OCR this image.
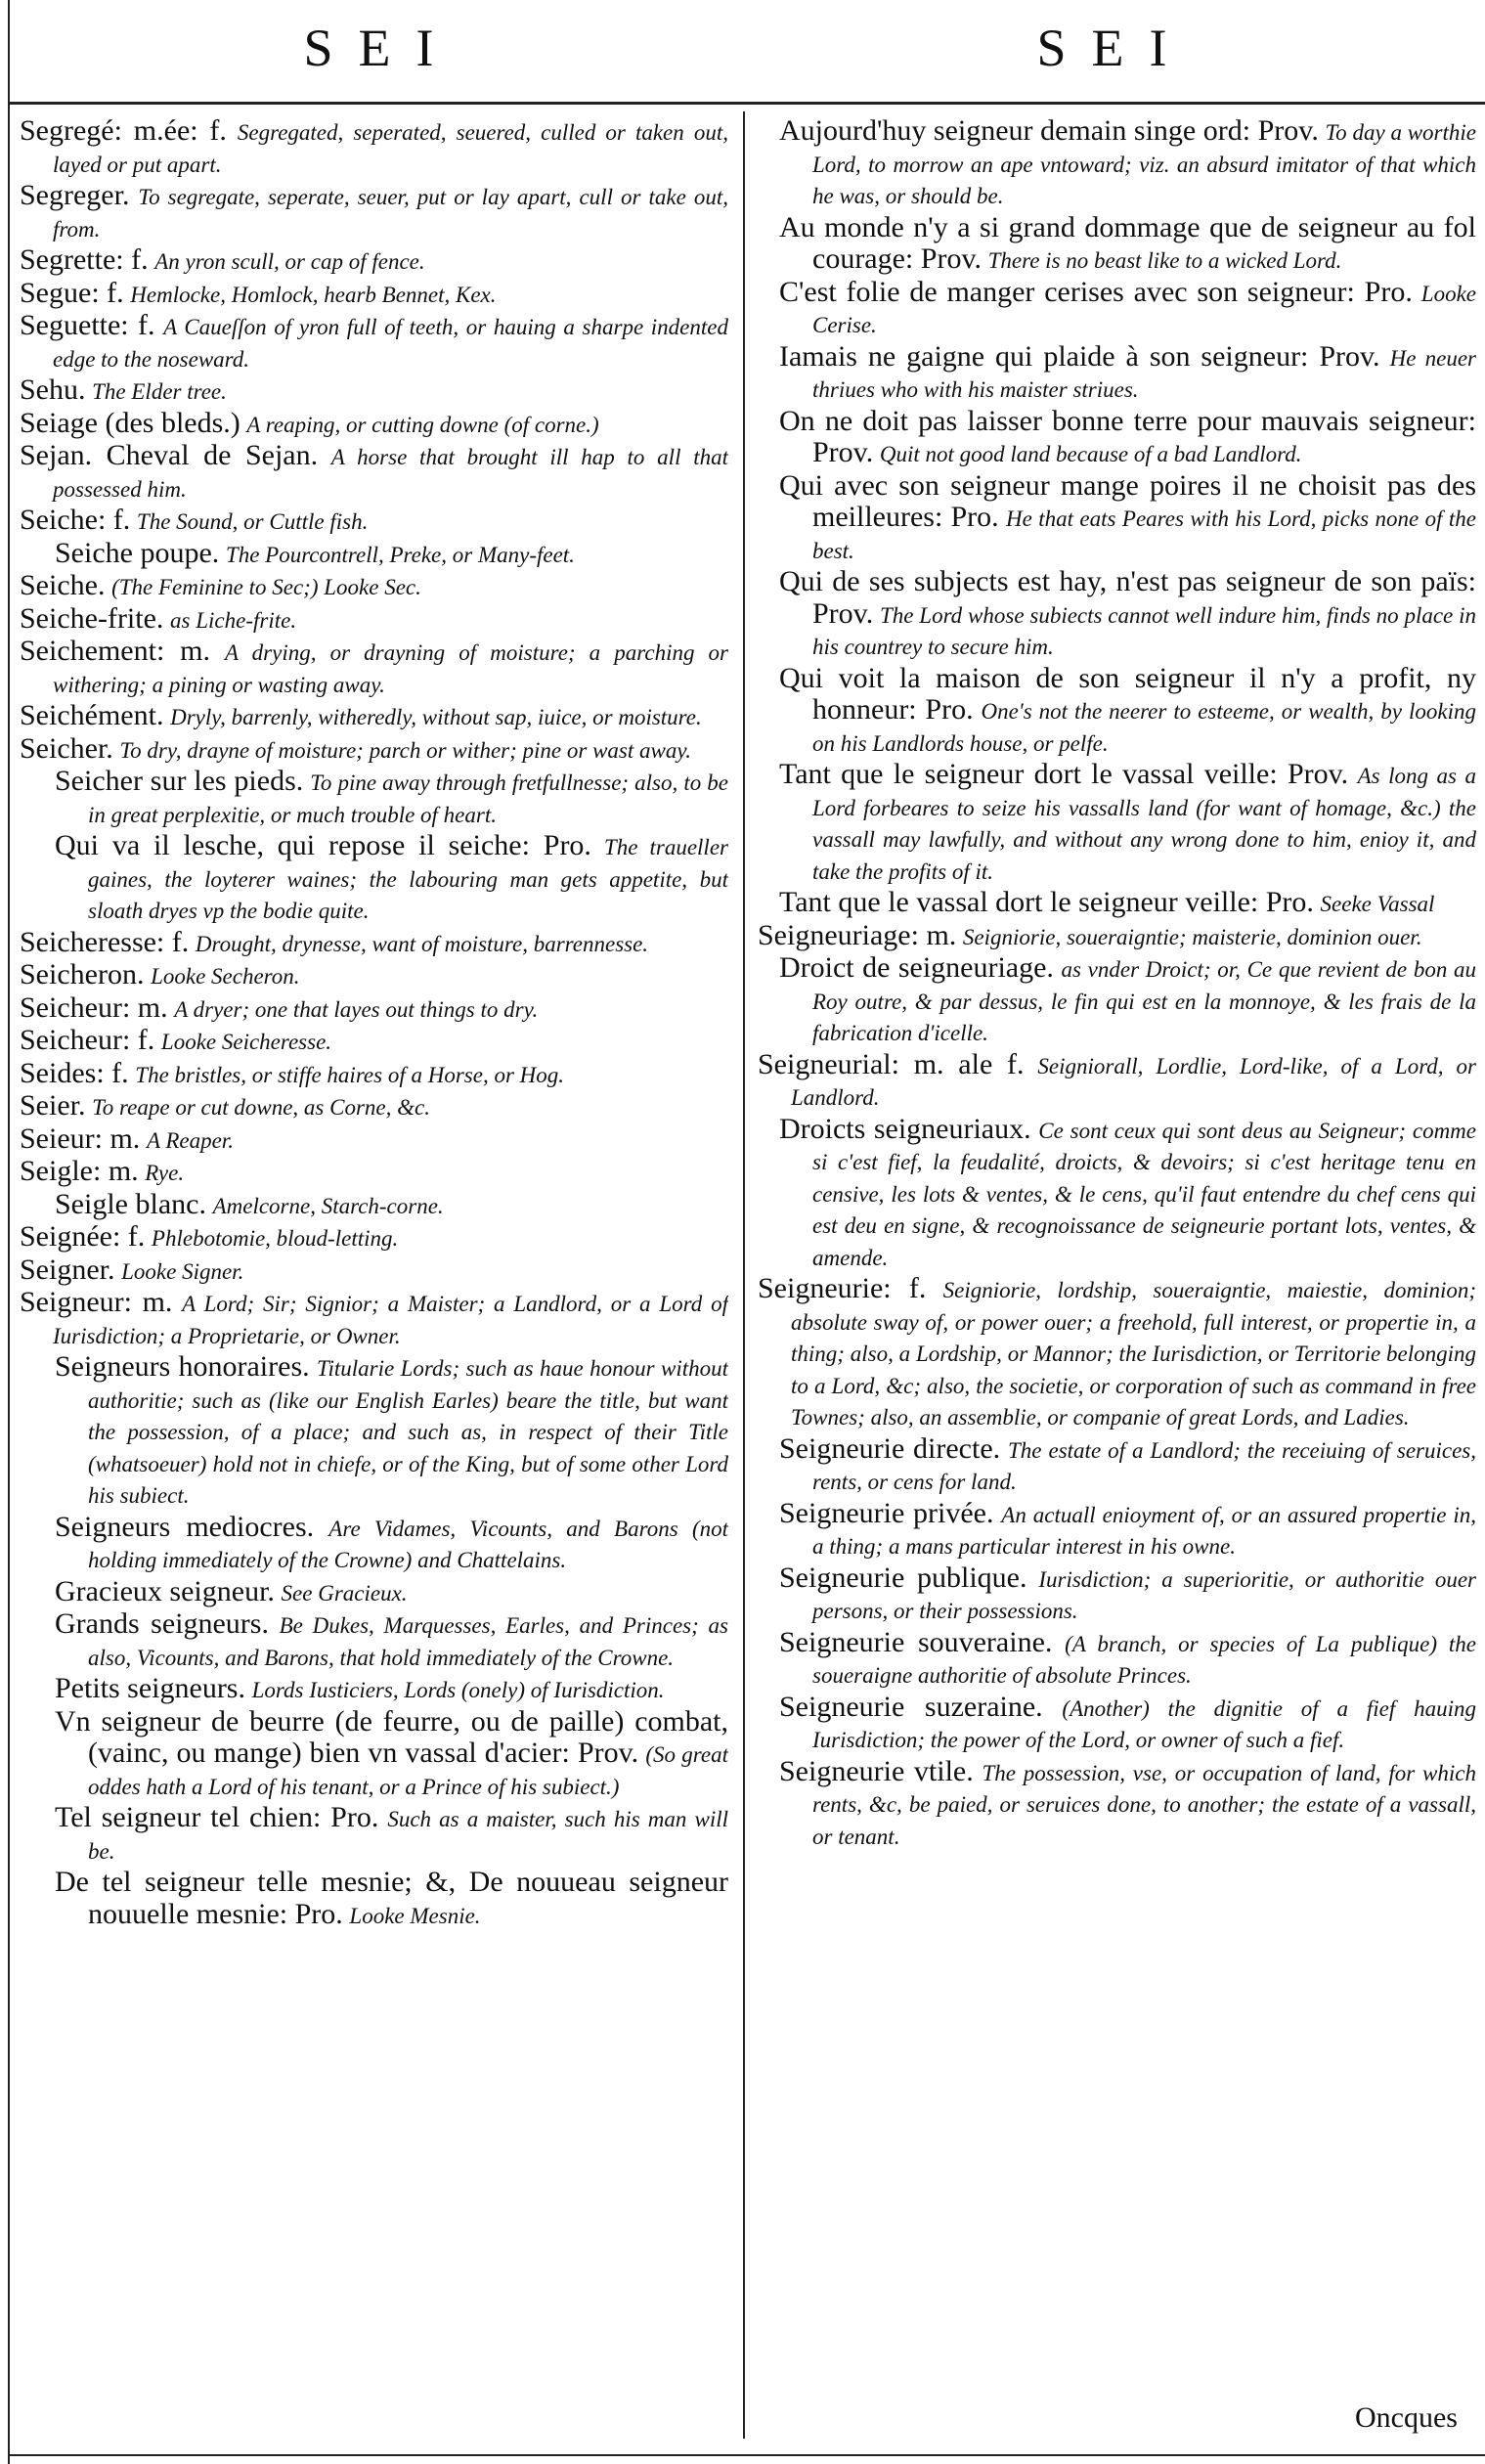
SEI	SEI

Segregé: m.ée: f. Segregated, seperated, seuered, culled or taken out, layed or put apart.

Segreger. To segregate, seperate, seuer, put or lay apart, cull or take out, from.

Segrette: f. An yron scull, or cap of fence.

Segue: f. Hemlocke, Homlock, hearb Bennet, Kex.

Seguette: f. A Caueſſon of yron full of teeth, or hauing a sharpe indented edge to the noseward.

Sehu. The Elder tree.

Seiage (des bleds.) A reaping, or cutting downe (of corne.)

Sejan. Cheval de Sejan. A horse that brought ill hap to all that possessed him.

Seiche: f. The Sound, or Cuttle fish.

Seiche poupe. The Pourcontrell, Preke, or Many-feet.

Seiche. (The Feminine to Sec;) Looke Sec.

Seiche-frite. as Liche-frite.

Seichement: m. A drying, or drayning of moisture; a parching or withering; a pining or wasting away.

Seichément. Dryly, barrenly, witheredly, without sap, iuice, or moisture.

Seicher. To dry, drayne of moisture; parch or wither; pine or wast away.

Seicher sur les pieds. To pine away through fretfullnesse; also, to be in great perplexitie, or much trouble of heart.

Qui va il lesche, qui repose il seiche: Pro. The traueller gaines, the loyterer waines; the labouring man gets appetite, but sloath dryes vp the bodie quite.

Seicheresse: f. Drought, drynesse, want of moisture, barrennesse.

Seicheron. Looke Secheron.

Seicheur: m. A dryer; one that layes out things to dry.

Seicheur: f. Looke Seicheresse.

Seides: f. The bristles, or stiffe haires of a Horse, or Hog.

Seier. To reape or cut downe, as Corne, &c.

Seieur: m. A Reaper.

Seigle: m. Rye.

Seigle blanc. Amelcorne, Starch-corne.

Seignée: f. Phlebotomie, bloud-letting.

Seigner. Looke Signer.

Seigneur: m. A Lord; Sir; Signior; a Maister; a Landlord, or a Lord of Iurisdiction; a Proprietarie, or Owner.

Seigneurs honoraires. Titularie Lords; such as haue honour without authoritie; such as (like our English Earles) beare the title, but want the possession, of a place; and such as, in respect of their Title (whatsoeuer) hold not in chiefe, or of the King, but of some other Lord his subiect.

Seigneurs mediocres. Are Vidames, Vicounts, and Barons (not holding immediately of the Crowne) and Chattelains.

Gracieux seigneur. See Gracieux.

Grands seigneurs. Be Dukes, Marquesses, Earles, and Princes; as also, Vicounts, and Barons, that hold immediately of the Crowne.

Petits seigneurs. Lords Iusticiers, Lords (onely) of Iurisdiction.

Vn seigneur de beurre (de feurre, ou de paille) combat, (vainc, ou mange) bien vn vassal d'acier: Prov. (So great oddes hath a Lord of his tenant, or a Prince of his subiect.)

Tel seigneur tel chien: Pro. Such as a maister, such his man will be.

De tel seigneur telle mesnie; &, De nouueau seigneur nouuelle mesnie: Pro. Looke Mesnie.

Aujourd'huy seigneur demain singe ord: Prov. To day a worthie Lord, to morrow an ape vntoward; viz. an absurd imitator of that which he was, or should be.

Au monde n'y a si grand dommage que de seigneur au fol courage: Prov. There is no beast like to a wicked Lord.

C'est folie de manger cerises avec son seigneur: Pro. Looke Cerise.

Iamais ne gaigne qui plaide à son seigneur: Prov. He neuer thriues who with his maister striues.

On ne doit pas laisser bonne terre pour mauvais seigneur: Prov. Quit not good land because of a bad Landlord.

Qui avec son seigneur mange poires il ne choisit pas des meilleures: Pro. He that eats Peares with his Lord, picks none of the best.

Qui de ses subjects est hay, n'est pas seigneur de son païs: Prov. The Lord whose subiects cannot well indure him, finds no place in his countrey to secure him.

Qui voit la maison de son seigneur il n'y a profit, ny honneur: Pro. One's not the neerer to esteeme, or wealth, by looking on his Landlords house, or pelfe.

Tant que le seigneur dort le vassal veille: Prov. As long as a Lord forbeares to seize his vassalls land (for want of homage, &c.) the vassall may lawfully, and without any wrong done to him, enioy it, and take the profits of it.

Tant que le vassal dort le seigneur veille: Pro. Seeke Vassal

Seigneuriage: m. Seigniorie, soueraigntie; maisterie, dominion ouer.

Droict de seigneuriage. as vnder Droict; or, Ce que revient de bon au Roy outre, & par dessus, le fin qui est en la monnoye, & les frais de la fabrication d'icelle.

Seigneurial: m. ale f. Seigniorall, Lordlie, Lord-like, of a Lord, or Landlord.

Droicts seigneuriaux. Ce sont ceux qui sont deus au Seigneur; comme si c'est fief, la feudalité, droicts, & devoirs; si c'est heritage tenu en censive, les lots & ventes, & le cens, qu'il faut entendre du chef cens qui est deu en signe, & recognoissance de seigneurie portant lots, ventes, & amende.

Seigneurie: f. Seigniorie, lordship, soueraigntie, maiestie, dominion; absolute sway of, or power ouer; a freehold, full interest, or propertie in, a thing; also, a Lordship, or Mannor; the Iurisdiction, or Territorie belonging to a Lord, &c; also, the societie, or corporation of such as command in free Townes; also, an assemblie, or companie of great Lords, and Ladies.

Seigneurie directe. The estate of a Landlord; the receiuing of seruices, rents, or cens for land.

Seigneurie privée. An actuall enioyment of, or an assured propertie in, a thing; a mans particular interest in his owne.

Seigneurie publique. Iurisdiction; a superioritie, or authoritie ouer persons, or their possessions.

Seigneurie souveraine. (A branch, or species of La publique) the soueraigne authoritie of absolute Princes.

Seigneurie suzeraine. (Another) the dignitie of a fief hauing Iurisdiction; the power of the Lord, or owner of such a fief.

Seigneurie vtile. The possession, vse, or occupation of land, for which rents, &c, be paied, or seruices done, to another; the estate of a vassall, or tenant.

Oncques
